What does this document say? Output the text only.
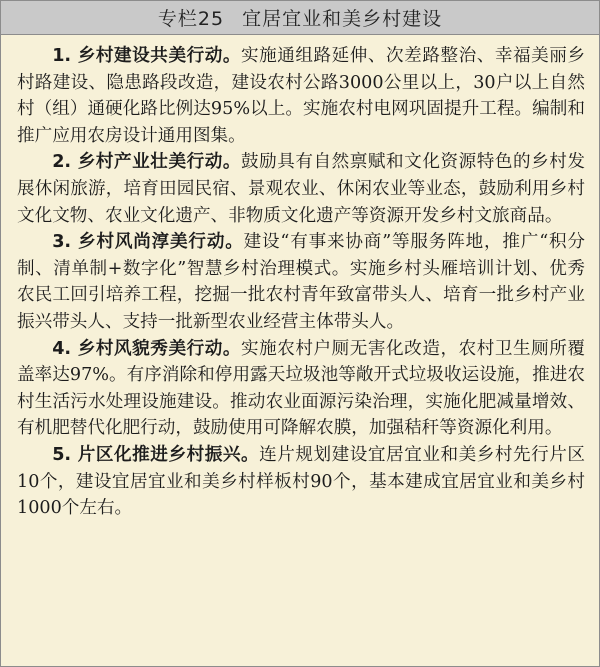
专栏25 宜居宜业和美乡村建设

1. 乡村建设共美行动。实施通组路延伸、次差路整治、幸福美丽乡村路建设、隐患路段改造，建设农村公路3000公里以上，30户以上自然村（组）通硬化路比例达95%以上。实施农村电网巩固提升工程。编制和推广应用农房设计通用图集。

2. 乡村产业壮美行动。鼓励具有自然禀赋和文化资源特色的乡村发展休闲旅游，培育田园民宿、景观农业、休闲农业等业态，鼓励利用乡村文化文物、农业文化遗产、非物质文化遗产等资源开发乡村文旅商品。

3. 乡村风尚淳美行动。建设“有事来协商”等服务阵地，推广“积分制、清单制+数字化”智慧乡村治理模式。实施乡村头雁培训计划、优秀农民工回引培养工程，挖掘一批农村青年致富带头人、培育一批乡村产业振兴带头人、支持一批新型农业经营主体带头人。

4. 乡村风貌秀美行动。实施农村户厕无害化改造，农村卫生厕所覆盖率达97%。有序消除和停用露天垃圾池等敞开式垃圾收运设施，推进农村生活污水处理设施建设。推动农业面源污染治理，实施化肥减量增效、有机肥替代化肥行动，鼓励使用可降解农膜，加强秸秆等资源化利用。

5. 片区化推进乡村振兴。连片规划建设宜居宜业和美乡村先行片区10个，建设宜居宜业和美乡村样板村90个，基本建成宜居宜业和美乡村1000个左右。
